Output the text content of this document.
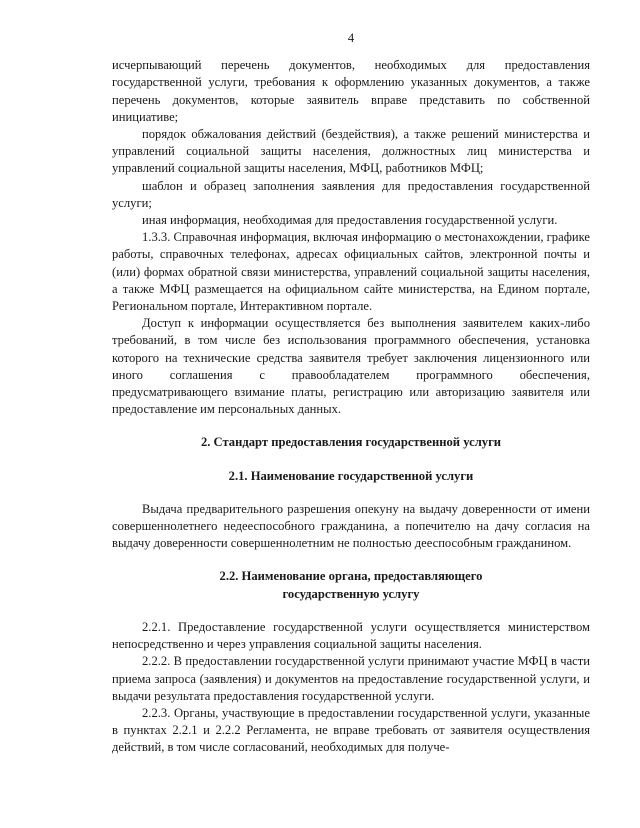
4

исчерпывающий перечень документов, необходимых для предоставления государственной услуги, требования к оформлению указанных документов, а также перечень документов, которые заявитель вправе представить по собственной инициативе;

порядок обжалования действий (бездействия), а также решений министерства и управлений социальной защиты населения, должностных лиц министерства и управлений социальной защиты населения, МФЦ, работников МФЦ;

шаблон и образец заполнения заявления для предоставления государственной услуги;

иная информация, необходимая для предоставления государственной услуги.

1.3.3. Справочная информация, включая информацию о местонахождении, графике работы, справочных телефонах, адресах официальных сайтов, электронной почты и (или) формах обратной связи министерства, управлений социальной защиты населения, а также МФЦ размещается на официальном сайте министерства, на Едином портале, Региональном портале, Интерактивном портале.

Доступ к информации осуществляется без выполнения заявителем каких-либо требований, в том числе без использования программного обеспечения, установка которого на технические средства заявителя требует заключения лицензионного или иного соглашения с правообладателем программного обеспечения, предусматривающего взимание платы, регистрацию или авторизацию заявителя или предоставление им персональных данных.

2. Стандарт предоставления государственной услуги

2.1. Наименование государственной услуги

Выдача предварительного разрешения опекуну на выдачу доверенности от имени совершеннолетнего недееспособного гражданина, а попечителю на дачу согласия на выдачу доверенности совершеннолетним не полностью дееспособным гражданином.

2.2. Наименование органа, предоставляющего

государственную услугу

2.2.1. Предоставление государственной услуги осуществляется министерством непосредственно и через управления социальной защиты населения.

2.2.2. В предоставлении государственной услуги принимают участие МФЦ в части приема запроса (заявления) и документов на предоставление государственной услуги, и выдачи результата предоставления государственной услуги.

2.2.3. Органы, участвующие в предоставлении государственной услуги, указанные в пунктах 2.2.1 и 2.2.2 Регламента, не вправе требовать от заявителя осуществления действий, в том числе согласований, необходимых для получе-
